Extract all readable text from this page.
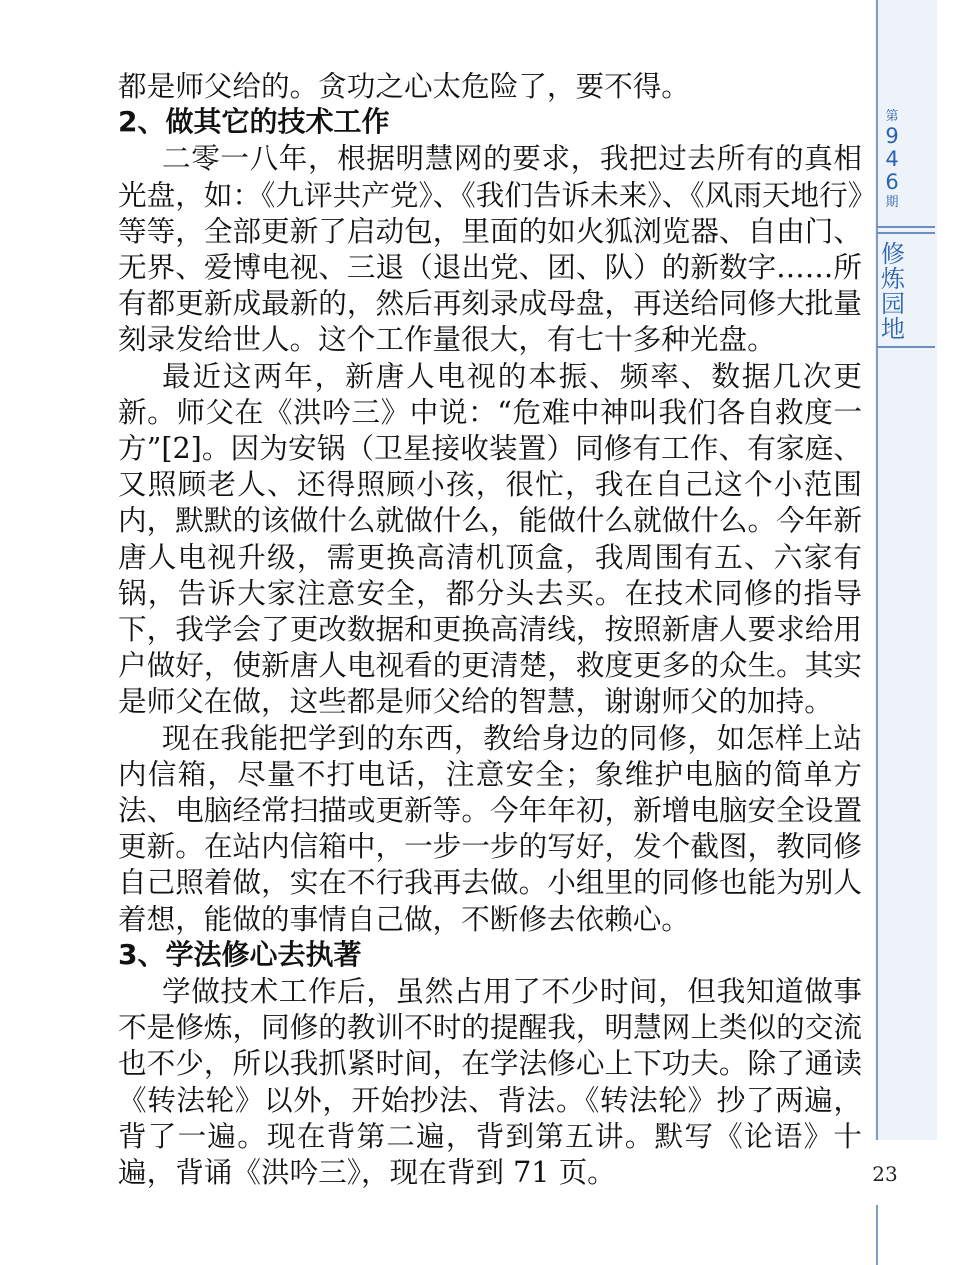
第
9
4
6
期
修
炼
园
地

都是师父给的。贪功之心太危险了，要不得。

2、做其它的技术工作

二零一八年，根据明慧网的要求，我把过去所有的真相光盘，如：《九评共产党》、《我们告诉未来》、《风雨天地行》等等，全部更新了启动包，里面的如火狐浏览器、自由门、无界、爱博电视、三退（退出党、团、队）的新数字……所有都更新成最新的，然后再刻录成母盘，再送给同修大批量刻录发给世人。这个工作量很大，有七十多种光盘。

最近这两年，新唐人电视的本振、频率、数据几次更新。师父在《洪吟三》中说：“危难中神叫我们各自救度一方”[2]。因为安锅（卫星接收装置）同修有工作、有家庭、又照顾老人、还得照顾小孩，很忙，我在自己这个小范围内，默默的该做什么就做什么，能做什么就做什么。今年新唐人电视升级，需更换高清机顶盒，我周围有五、六家有锅，告诉大家注意安全，都分头去买。在技术同修的指导下，我学会了更改数据和更换高清线，按照新唐人要求给用户做好，使新唐人电视看的更清楚，救度更多的众生。其实是师父在做，这些都是师父给的智慧，谢谢师父的加持。

现在我能把学到的东西，教给身边的同修，如怎样上站内信箱，尽量不打电话，注意安全；象维护电脑的简单方法、电脑经常扫描或更新等。今年年初，新增电脑安全设置更新。在站内信箱中，一步一步的写好，发个截图，教同修自己照着做，实在不行我再去做。小组里的同修也能为别人着想，能做的事情自己做，不断修去依赖心。

3、学法修心去执著

学做技术工作后，虽然占用了不少时间，但我知道做事不是修炼，同修的教训不时的提醒我，明慧网上类似的交流也不少，所以我抓紧时间，在学法修心上下功夫。除了通读《转法轮》以外，开始抄法、背法。《转法轮》抄了两遍，背了一遍。现在背第二遍，背到第五讲。默写《论语》十遍，背诵《洪吟三》，现在背到 71 页。	23
